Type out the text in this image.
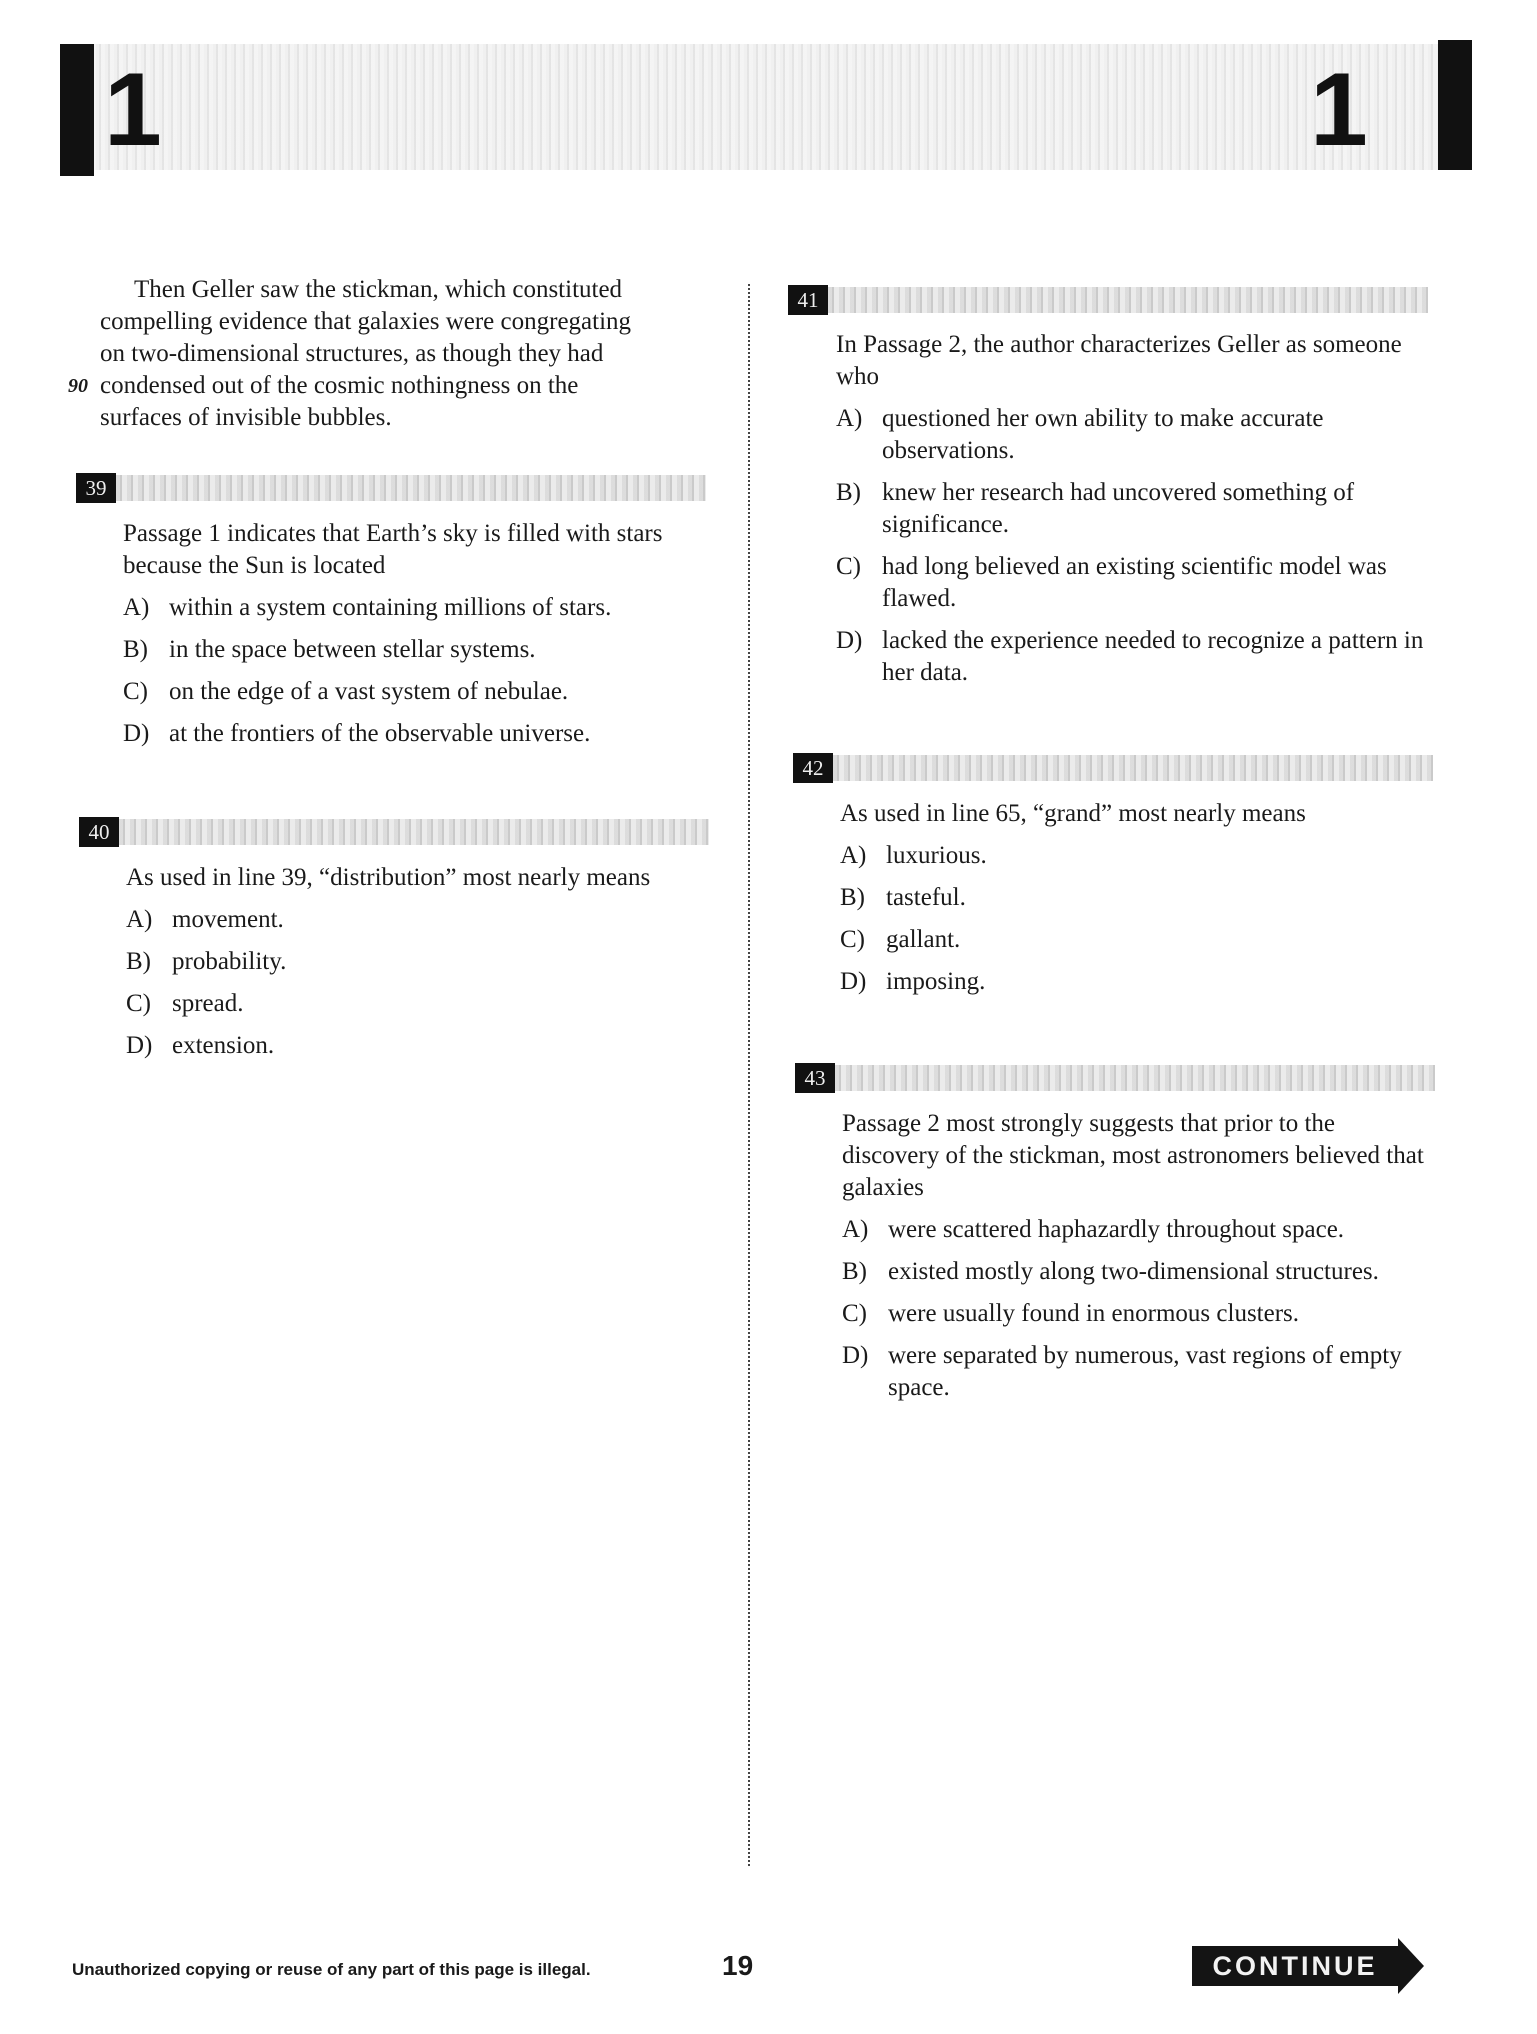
1	1
Then Geller saw the stickman, which constituted
compelling evidence that galaxies were congregating
on two-dimensional structures, as though they had
90 condensed out of the cosmic nothingness on the
surfaces of invisible bubbles.
39

Passage 1 indicates that Earth’s sky is filled with stars because the Sun is located

A) within a system containing millions of stars.
B) in the space between stellar systems.
C) on the edge of a vast system of nebulae.
D) at the frontiers of the observable universe.
40

As used in line 39, “distribution” most nearly means

A) movement.
B) probability.
C) spread.
D) extension.
41

In Passage 2, the author characterizes Geller as someone who

A) questioned her own ability to make accurate observations.
B) knew her research had uncovered something of significance.
C) had long believed an existing scientific model was flawed.
D) lacked the experience needed to recognize a pattern in her data.
42

As used in line 65, “grand” most nearly means

A) luxurious.
B) tasteful.
C) gallant.
D) imposing.
43

Passage 2 most strongly suggests that prior to the discovery of the stickman, most astronomers believed that galaxies

A) were scattered haphazardly throughout space.
B) existed mostly along two-dimensional structures.
C) were usually found in enormous clusters.
D) were separated by numerous, vast regions of empty space.
Unauthorized copying or reuse of any part of this page is illegal.	19	CONTINUE
